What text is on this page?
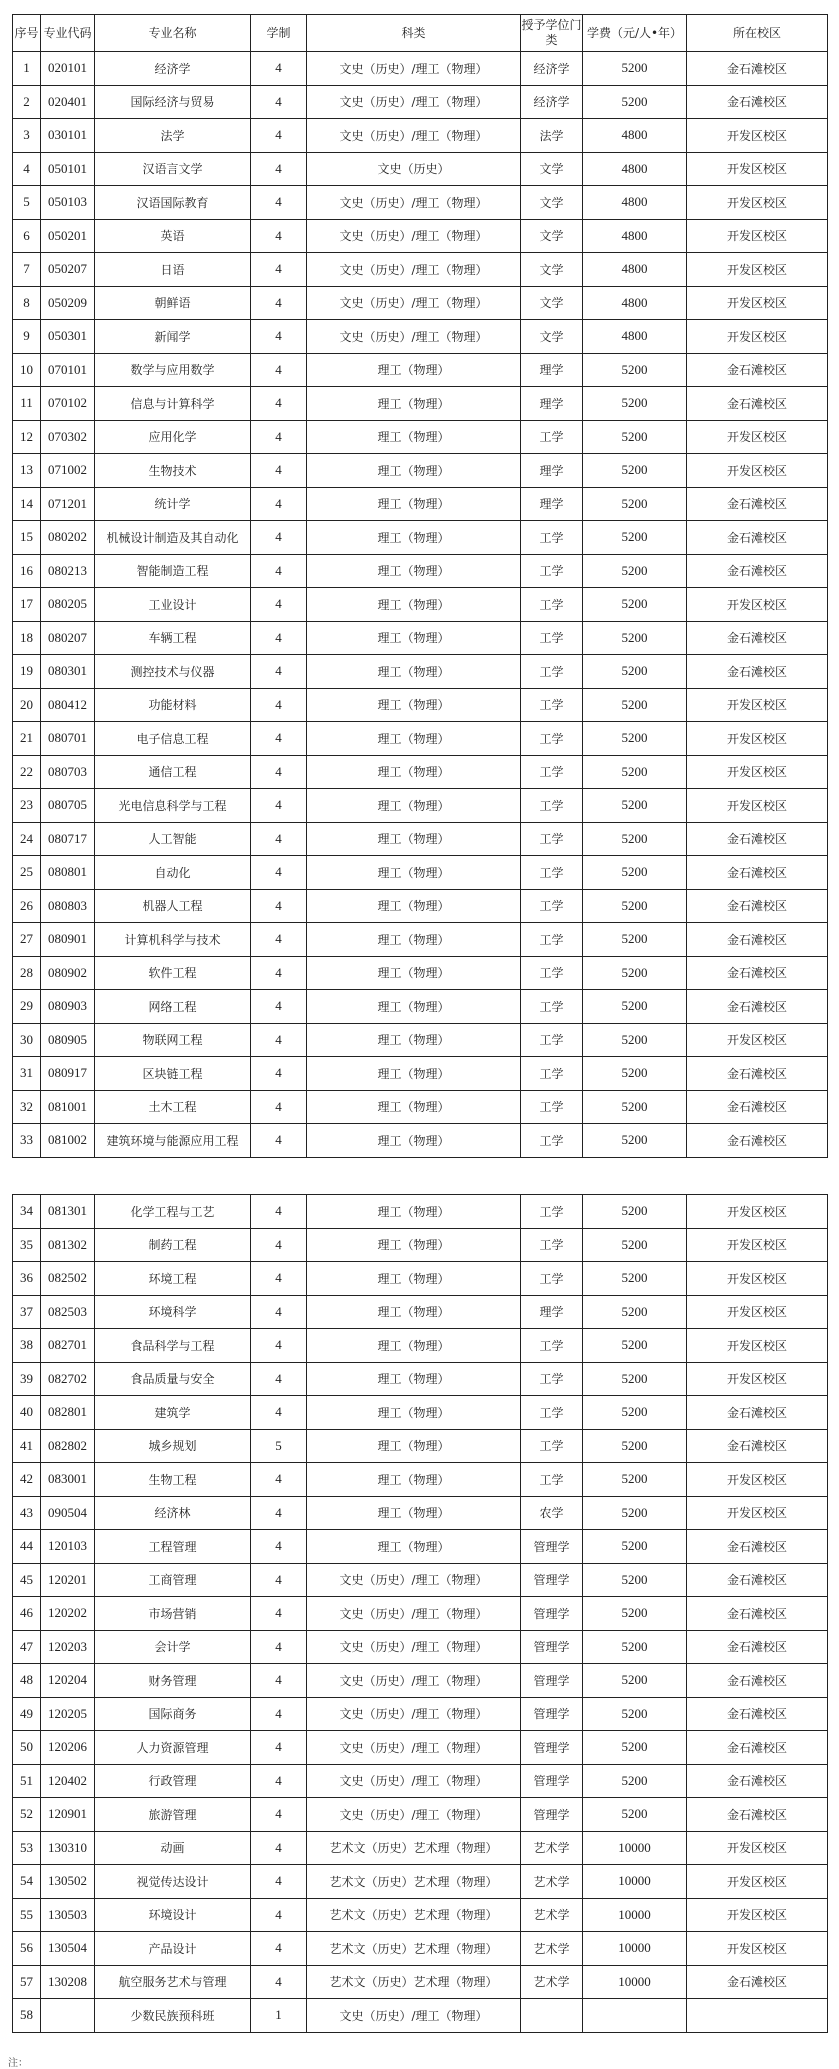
序号	专业代码	专业名称	学制	科类	授予学位门类	学费（元/人•年）	所在校区
1	020101	经济学	4	文史（历史）/理工（物理）	经济学	5200	金石滩校区
2	020401	国际经济与贸易	4	文史（历史）/理工（物理）	经济学	5200	金石滩校区
3	030101	法学	4	文史（历史）/理工（物理）	法学	4800	开发区校区
4	050101	汉语言文学	4	文史（历史）	文学	4800	开发区校区
5	050103	汉语国际教育	4	文史（历史）/理工（物理）	文学	4800	开发区校区
6	050201	英语	4	文史（历史）/理工（物理）	文学	4800	开发区校区
7	050207	日语	4	文史（历史）/理工（物理）	文学	4800	开发区校区
8	050209	朝鲜语	4	文史（历史）/理工（物理）	文学	4800	开发区校区
9	050301	新闻学	4	文史（历史）/理工（物理）	文学	4800	开发区校区
10	070101	数学与应用数学	4	理工（物理）	理学	5200	金石滩校区
11	070102	信息与计算科学	4	理工（物理）	理学	5200	金石滩校区
12	070302	应用化学	4	理工（物理）	工学	5200	开发区校区
13	071002	生物技术	4	理工（物理）	理学	5200	开发区校区
14	071201	统计学	4	理工（物理）	理学	5200	金石滩校区
15	080202	机械设计制造及其自动化	4	理工（物理）	工学	5200	金石滩校区
16	080213	智能制造工程	4	理工（物理）	工学	5200	金石滩校区
17	080205	工业设计	4	理工（物理）	工学	5200	开发区校区
18	080207	车辆工程	4	理工（物理）	工学	5200	金石滩校区
19	080301	测控技术与仪器	4	理工（物理）	工学	5200	金石滩校区
20	080412	功能材料	4	理工（物理）	工学	5200	开发区校区
21	080701	电子信息工程	4	理工（物理）	工学	5200	开发区校区
22	080703	通信工程	4	理工（物理）	工学	5200	开发区校区
23	080705	光电信息科学与工程	4	理工（物理）	工学	5200	开发区校区
24	080717	人工智能	4	理工（物理）	工学	5200	金石滩校区
25	080801	自动化	4	理工（物理）	工学	5200	金石滩校区
26	080803	机器人工程	4	理工（物理）	工学	5200	金石滩校区
27	080901	计算机科学与技术	4	理工（物理）	工学	5200	金石滩校区
28	080902	软件工程	4	理工（物理）	工学	5200	金石滩校区
29	080903	网络工程	4	理工（物理）	工学	5200	金石滩校区
30	080905	物联网工程	4	理工（物理）	工学	5200	开发区校区
31	080917	区块链工程	4	理工（物理）	工学	5200	金石滩校区
32	081001	土木工程	4	理工（物理）	工学	5200	金石滩校区
33	081002	建筑环境与能源应用工程	4	理工（物理）	工学	5200	金石滩校区
34	081301	化学工程与工艺	4	理工（物理）	工学	5200	开发区校区
35	081302	制药工程	4	理工（物理）	工学	5200	开发区校区
36	082502	环境工程	4	理工（物理）	工学	5200	开发区校区
37	082503	环境科学	4	理工（物理）	理学	5200	开发区校区
38	082701	食品科学与工程	4	理工（物理）	工学	5200	开发区校区
39	082702	食品质量与安全	4	理工（物理）	工学	5200	开发区校区
40	082801	建筑学	4	理工（物理）	工学	5200	金石滩校区
41	082802	城乡规划	5	理工（物理）	工学	5200	金石滩校区
42	083001	生物工程	4	理工（物理）	工学	5200	开发区校区
43	090504	经济林	4	理工（物理）	农学	5200	开发区校区
44	120103	工程管理	4	理工（物理）	管理学	5200	金石滩校区
45	120201	工商管理	4	文史（历史）/理工（物理）	管理学	5200	金石滩校区
46	120202	市场营销	4	文史（历史）/理工（物理）	管理学	5200	金石滩校区
47	120203	会计学	4	文史（历史）/理工（物理）	管理学	5200	金石滩校区
48	120204	财务管理	4	文史（历史）/理工（物理）	管理学	5200	金石滩校区
49	120205	国际商务	4	文史（历史）/理工（物理）	管理学	5200	金石滩校区
50	120206	人力资源管理	4	文史（历史）/理工（物理）	管理学	5200	金石滩校区
51	120402	行政管理	4	文史（历史）/理工（物理）	管理学	5200	金石滩校区
52	120901	旅游管理	4	文史（历史）/理工（物理）	管理学	5200	金石滩校区
53	130310	动画	4	艺术文（历史）艺术理（物理）	艺术学	10000	开发区校区
54	130502	视觉传达设计	4	艺术文（历史）艺术理（物理）	艺术学	10000	开发区校区
55	130503	环境设计	4	艺术文（历史）艺术理（物理）	艺术学	10000	开发区校区
56	130504	产品设计	4	艺术文（历史）艺术理（物理）	艺术学	10000	开发区校区
57	130208	航空服务艺术与管理	4	艺术文（历史）艺术理（物理）	艺术学	10000	金石滩校区
58		少数民族预科班	1	文史（历史）/理工（物理）			
注：
